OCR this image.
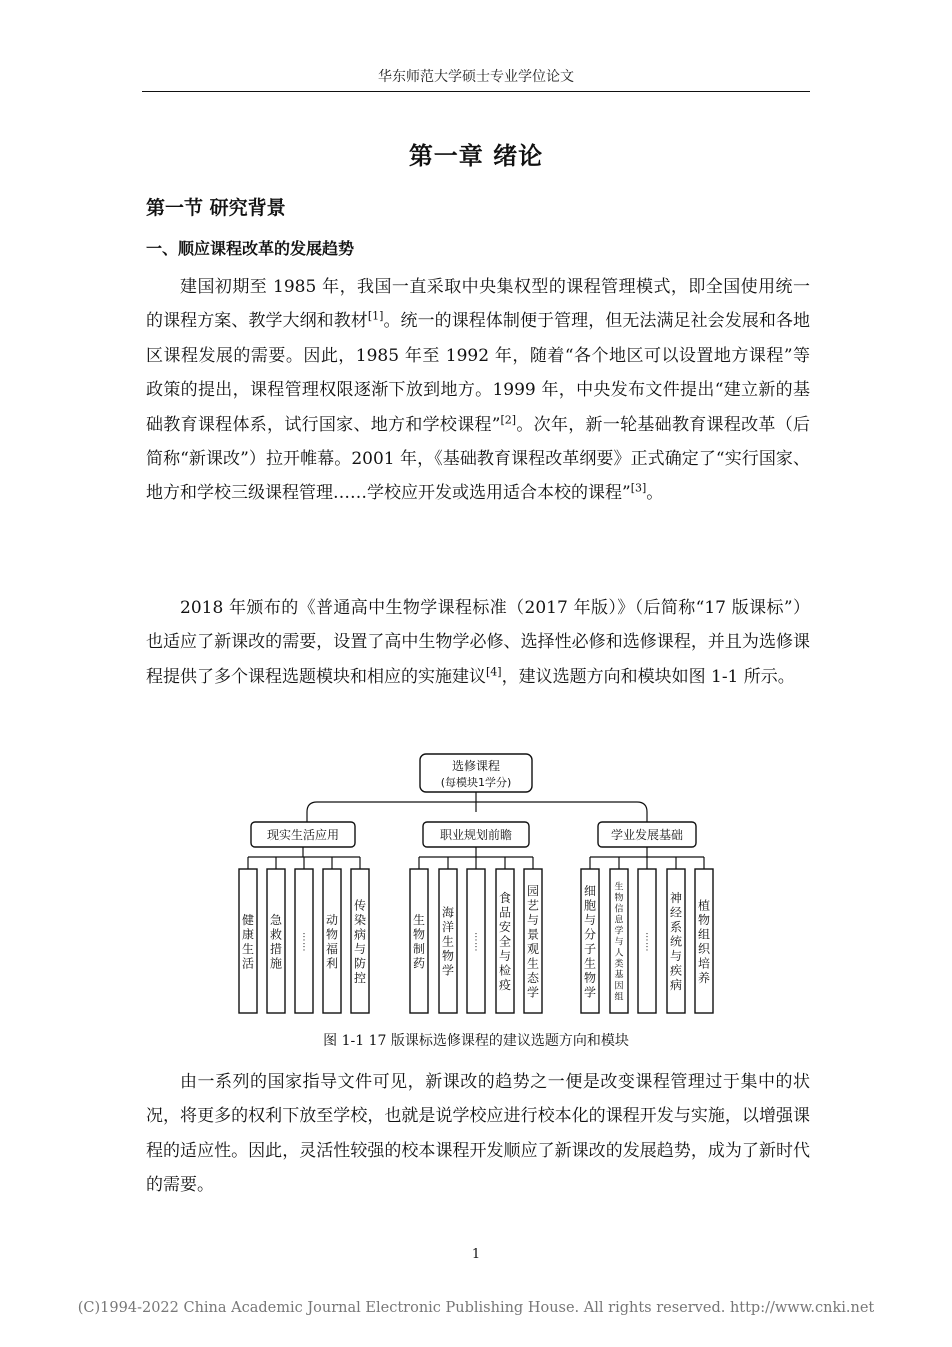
华东师范大学硕士专业学位论文
第一章 绪论
第一节 研究背景
一、顺应课程改革的发展趋势

建国初期至 1985 年，我国一直采取中央集权型的课程管理模式，即全国使用统一的课程方案、教学大纲和教材[1]。统一的课程体制便于管理，但无法满足社会发展和各地区课程发展的需要。因此，1985 年至 1992 年，随着“各个地区可以设置地方课程”等政策的提出，课程管理权限逐渐下放到地方。1999 年，中央发布文件提出“建立新的基础教育课程体系，试行国家、地方和学校课程”[2]。次年，新一轮基础教育课程改革（后简称“新课改”）拉开帷幕。2001 年，《基础教育课程改革纲要》正式确定了“实行国家、地方和学校三级课程管理……学校应开发或选用适合本校的课程”[3]。

2018 年颁布的《普通高中生物学课程标准（2017 年版）》（后简称“17 版课标”）也适应了新课改的需要，设置了高中生物学必修、选择性必修和选修课程，并且为选修课程提供了多个课程选题模块和相应的实施建议[4]，建议选题方向和模块如图 1-1 所示。

选修课程
(每模块1学分)
现实生活应用
健康生活
急救措施
⋮ ⋮
动物福利
传染病与防控
职业规划前瞻
生物制药
海洋生物学
⋮ ⋮
食品安全与检疫
园艺与景观生态学
学业发展基础
细胞与分子生物学
生物信息学与人类基因组
⋮ ⋮
神经系统与疾病
植物组织培养
图 1-1 17 版课标选修课程的建议选题方向和模块

由一系列的国家指导文件可见，新课改的趋势之一便是改变课程管理过于集中的状况，将更多的权利下放至学校，也就是说学校应进行校本化的课程开发与实施，以增强课程的适应性。因此，灵活性较强的校本课程开发顺应了新课改的发展趋势，成为了新时代的需要。

1
(C)1994-2022 China Academic Journal Electronic Publishing House. All rights reserved. http://www.cnki.net
